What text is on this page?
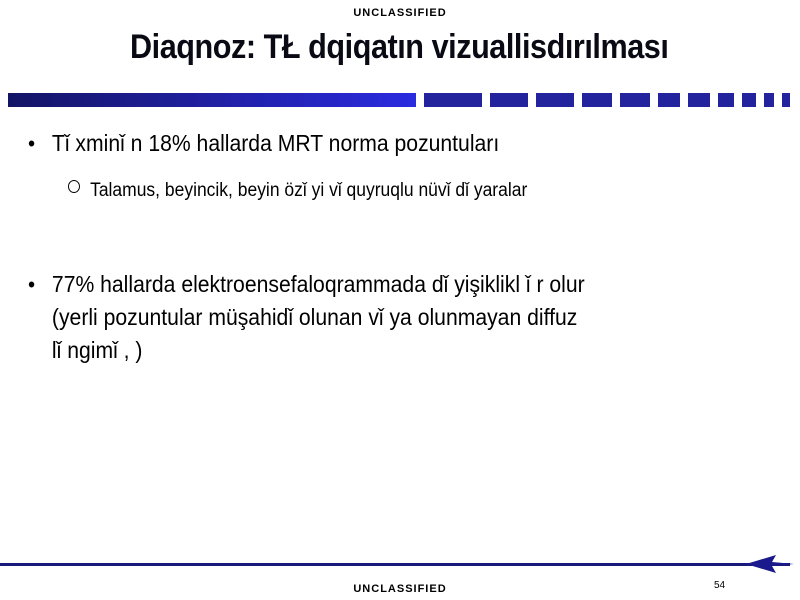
UNCLASSIFIED
Diaqnoz: TŁ dqiqatın vizuallisdırılması
• Tǐ xminǐ n 18% hallarda MRT norma pozuntuları
Talamus, beyincik, beyin özǐ yi vǐ quyruqlu nüvǐ dǐ yaralar
• 77% hallarda elektroensefaloqrammada dǐ yişiklikl ǐ r olur
(yerli pozuntular müşahidǐ olunan vǐ ya olunmayan diffuz
lǐ ngimǐ , )
UNCLASSIFIED	54
